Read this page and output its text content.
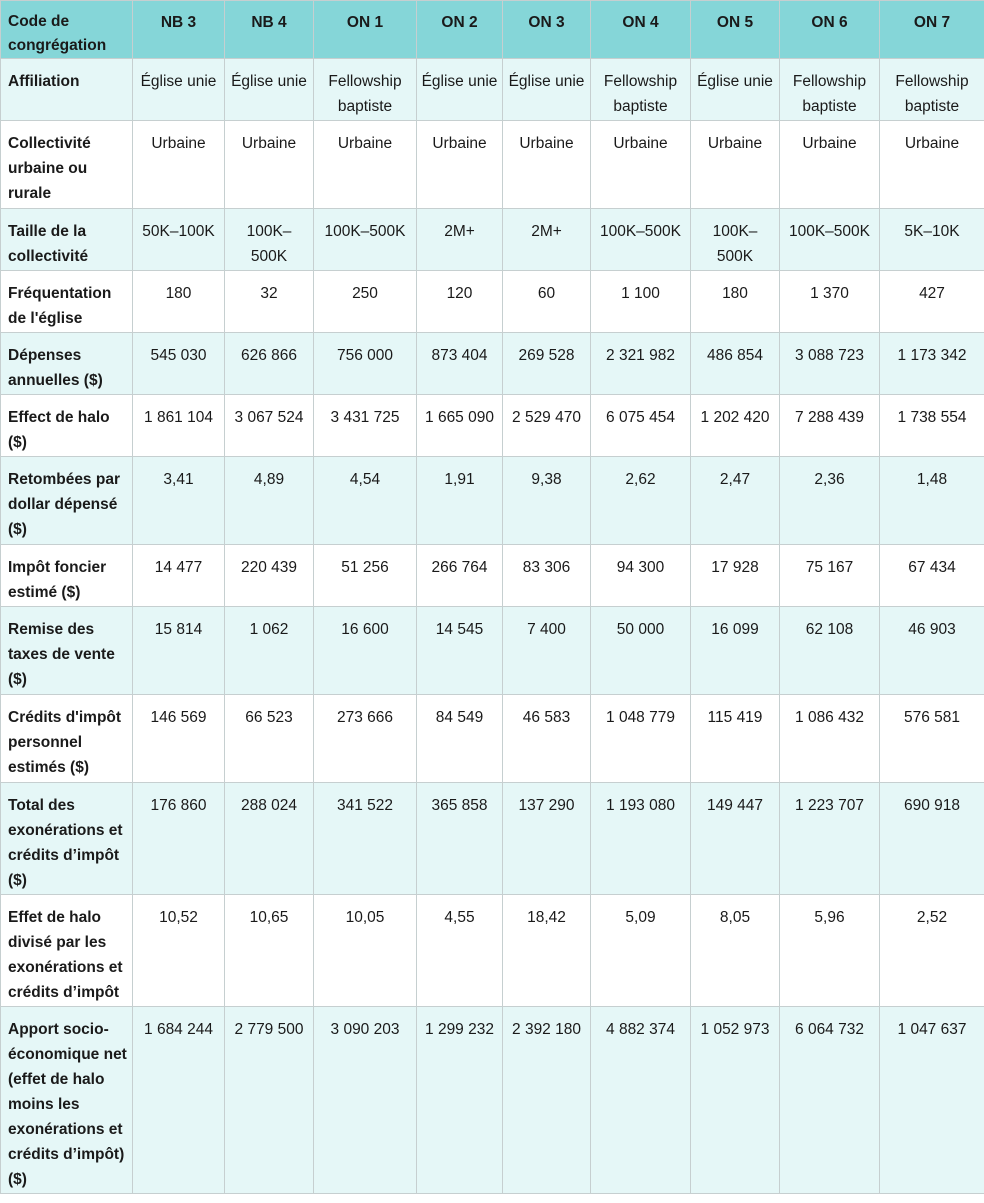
Code de congrégation	NB 3	NB 4	ON 1	ON 2	ON 3	ON 4	ON 5	ON 6	ON 7
Affiliation	Église unie	Église unie	Fellowship baptiste	Église unie	Église unie	Fellowship baptiste	Église unie	Fellowship baptiste	Fellowship baptiste
Collectivité urbaine ou rurale	Urbaine	Urbaine	Urbaine	Urbaine	Urbaine	Urbaine	Urbaine	Urbaine	Urbaine
Taille de la collectivité	50K–100K	100K–500K	100K–500K	2M+	2M+	100K–500K	100K–500K	100K–500K	5K–10K
Fréquentation de l'église	180	32	250	120	60	1 100	180	1 370	427
Dépenses annuelles ($)	545 030	626 866	756 000	873 404	269 528	2 321 982	486 854	3 088 723	1 173 342
Effect de halo ($)	1 861 104	3 067 524	3 431 725	1 665 090	2 529 470	6 075 454	1 202 420	7 288 439	1 738 554
Retombées par dollar dépensé ($)	3,41	4,89	4,54	1,91	9,38	2,62	2,47	2,36	1,48
Impôt foncier estimé ($)	14 477	220 439	51 256	266 764	83 306	94 300	17 928	75 167	67 434
Remise des taxes de vente ($)	15 814	1 062	16 600	14 545	7 400	50 000	16 099	62 108	46 903
Crédits d'impôt personnel estimés ($)	146 569	66 523	273 666	84 549	46 583	1 048 779	115 419	1 086 432	576 581
Total des exonérations et crédits d’impôt ($)	176 860	288 024	341 522	365 858	137 290	1 193 080	149 447	1 223 707	690 918
Effet de halo divisé par les exonérations et crédits d’impôt	10,52	10,65	10,05	4,55	18,42	5,09	8,05	5,96	2,52
Apport socio-économique net (effet de halo moins les exonérations et crédits d’impôt) ($)	1 684 244	2 779 500	3 090 203	1 299 232	2 392 180	4 882 374	1 052 973	6 064 732	1 047 637
